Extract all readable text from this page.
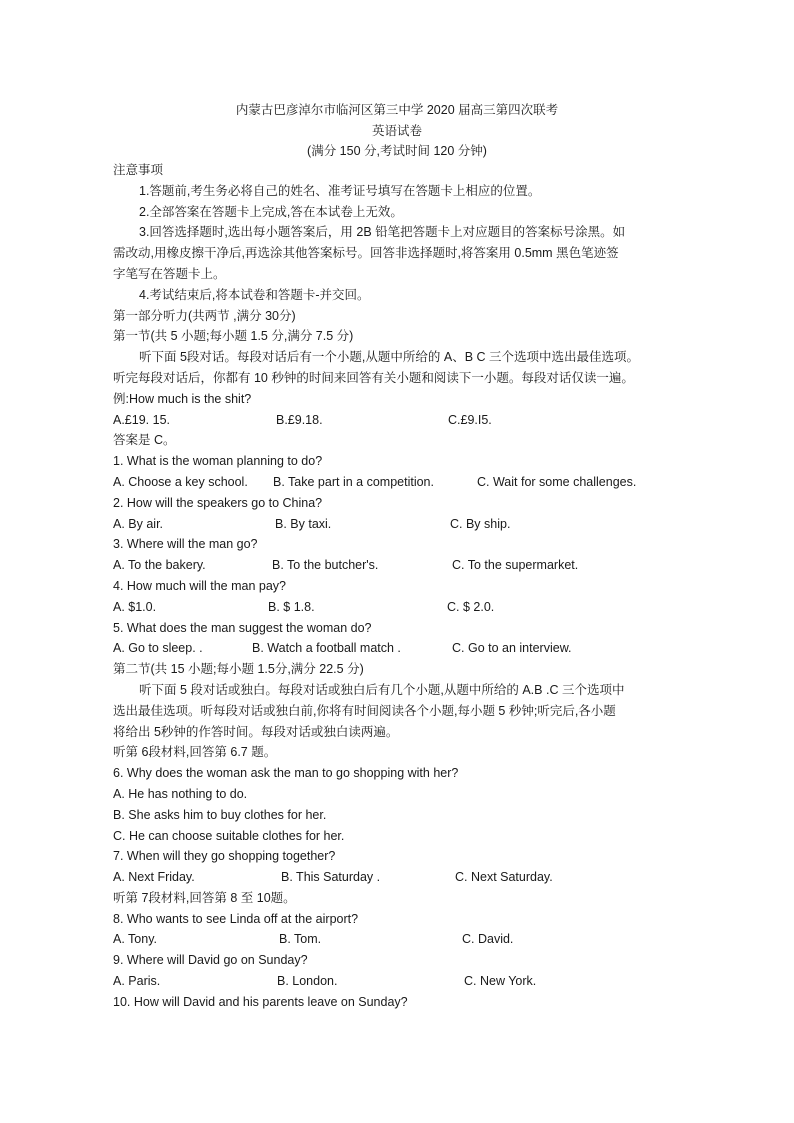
内蒙古巴彦淖尔市临河区第三中学 2020 届高三第四次联考
英语试卷
(满分 150 分,考试时间 120 分钟)
注意事项
1.答题前,考生务必将自己的姓名、准考证号填写在答题卡上相应的位置。
2.全部答案在答题卡上完成,答在本试卷上无效。
3.回答选择题时,选出每小题答案后，用 2B 铅笔把答题卡上对应题目的答案标号涂黑。如
需改动,用橡皮擦干净后,再选涂其他答案标号。回答非选择题时,将答案用 0.5mm 黑色笔迹签
字笔写在答题卡上。
4.考试结束后,将本试卷和答题卡-并交回。
第一部分听力(共两节 ,满分 30分)
第一节(共 5 小题;每小题 1.5 分,满分 7.5 分)
听下面 5段对话。每段对话后有一个小题,从题中所给的 A、B C 三个选项中选出最佳选项。
听完每段对话后，你都有 10 秒钟的时间来回答有关小题和阅读下一小题。每段对话仅读一遍。
例:How much is the shit?
A.£19. 15.	B.£9.18.	C.£9.I5.
答案是 C。
1. What is the woman planning to do?
A. Choose a key school.	B. Take part in a competition.	C. Wait for some challenges.
2. How will the speakers go to China?
A. By air.	B. By taxi.	C. By ship.
3. Where will the man go?
A. To the bakery.	B. To the butcher's.	C. To the supermarket.
4. How much will the man pay?
A. $1.0.	B. $ 1.8.	C. $ 2.0.
5. What does the man suggest the woman do?
A. Go to sleep. .	B. Watch a football match .	C. Go to an interview.
第二节(共 15 小题;每小题 1.5分,满分 22.5 分)
听下面 5 段对话或独白。每段对话或独白后有几个小题,从题中所给的 A.B .C 三个选项中
选出最佳选项。听每段对话或独白前,你将有时间阅读各个小题,每小题 5 秒钟;听完后,各小题
将给出 5秒钟的作答时间。每段对话或独白读两遍。
听第 6段材料,回答第 6.7 题。
6. Why does the woman ask the man to go shopping with her?
A. He has nothing to do.
B. She asks him to buy clothes for her.
C. He can choose suitable clothes for her.
7. When will they go shopping together?
A. Next Friday.	B. This Saturday .	C. Next Saturday.
听第 7段材料,回答第 8 至 10题。
8. Who wants to see Linda off at the airport?
A. Tony.	B. Tom.	C. David.
9. Where will David go on Sunday?
A. Paris.	B. London.	C. New York.
10. How will David and his parents leave on Sunday?
